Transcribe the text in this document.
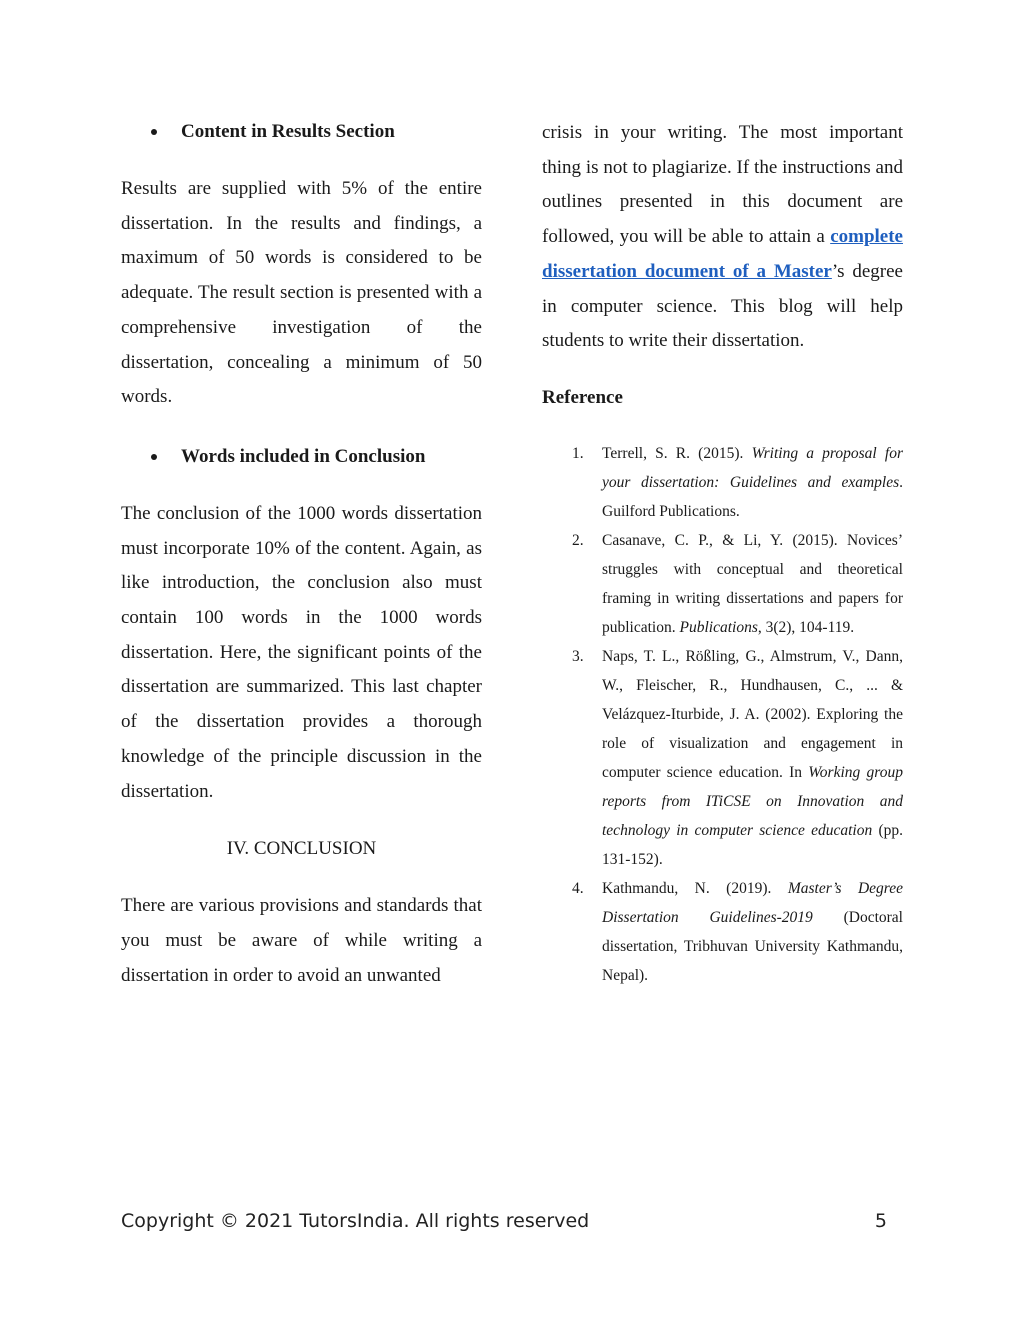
Content in Results Section

Results are supplied with 5% of the entire dissertation. In the results and findings, a maximum of 50 words is considered to be adequate. The result section is presented with a comprehensive investigation of the dissertation, concealing a minimum of 50 words.

Words included in Conclusion

The conclusion of the 1000 words dissertation must incorporate 10% of the content. Again, as like introduction, the conclusion also must contain 100 words in the 1000 words dissertation. Here, the significant points of the dissertation are summarized. This last chapter of the dissertation provides a thorough knowledge of the principle discussion in the dissertation.

IV. CONCLUSION

There are various provisions and standards that you must be aware of while writing a dissertation in order to avoid an unwanted

crisis in your writing. The most important thing is not to plagiarize. If the instructions and outlines presented in this document are followed, you will be able to attain a complete dissertation document of a Master’s degree in computer science. This blog will help students to write their dissertation.

Reference

1. Terrell, S. R. (2015). Writing a proposal for your dissertation: Guidelines and examples. Guilford Publications.
2. Casanave, C. P., & Li, Y. (2015). Novices’ struggles with conceptual and theoretical framing in writing dissertations and papers for publication. Publications, 3(2), 104-119.
3. Naps, T. L., Rößling, G., Almstrum, V., Dann, W., Fleischer, R., Hundhausen, C., ... & Velázquez-Iturbide, J. A. (2002). Exploring the role of visualization and engagement in computer science education. In Working group reports from ITiCSE on Innovation and technology in computer science education (pp. 131-152).
4. Kathmandu, N. (2019). Master’s Degree Dissertation Guidelines-2019 (Doctoral dissertation, Tribhuvan University Kathmandu, Nepal).
Copyright © 2021 TutorsIndia. All rights reserved	5
